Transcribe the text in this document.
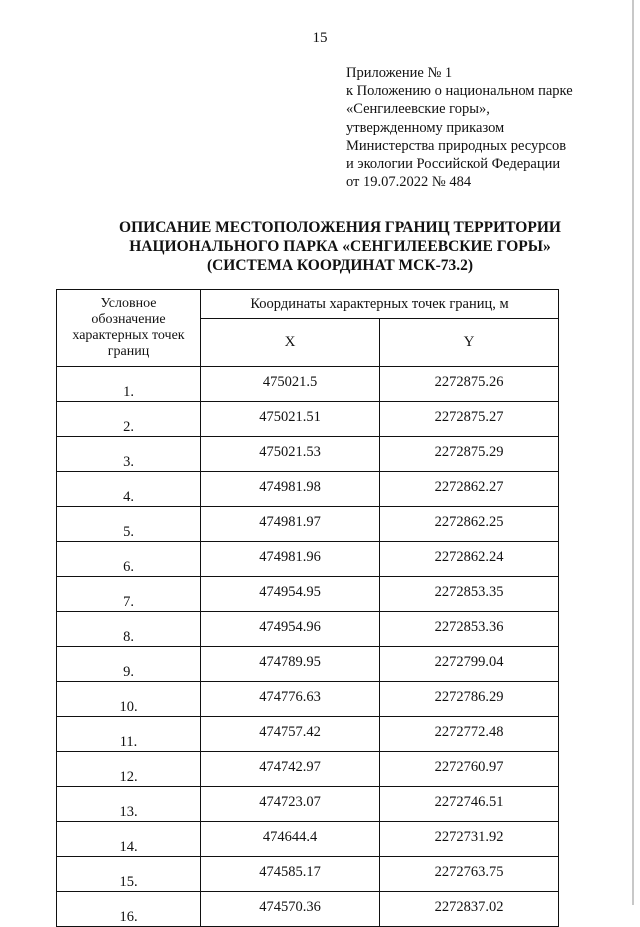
15
Приложение № 1
к Положению о национальном парке
«Сенгилеевские горы»,
утвержденному приказом
Министерства природных ресурсов
и экологии Российской Федерации
от 19.07.2022 № 484
ОПИСАНИЕ МЕСТОПОЛОЖЕНИЯ ГРАНИЦ ТЕРРИТОРИИ
НАЦИОНАЛЬНОГО ПАРКА «СЕНГИЛЕЕВСКИЕ ГОРЫ»
(СИСТЕМА КООРДИНАТ МСК-73.2)
Условное
обозначение
характерных точек
границ	Координаты характерных точек границ, м	
	X	Y
1.	475021.5	2272875.26
2.	475021.51	2272875.27
3.	475021.53	2272875.29
4.	474981.98	2272862.27
5.	474981.97	2272862.25
6.	474981.96	2272862.24
7.	474954.95	2272853.35
8.	474954.96	2272853.36
9.	474789.95	2272799.04
10.	474776.63	2272786.29
11.	474757.42	2272772.48
12.	474742.97	2272760.97
13.	474723.07	2272746.51
14.	474644.4	2272731.92
15.	474585.17	2272763.75
16.	474570.36	2272837.02
